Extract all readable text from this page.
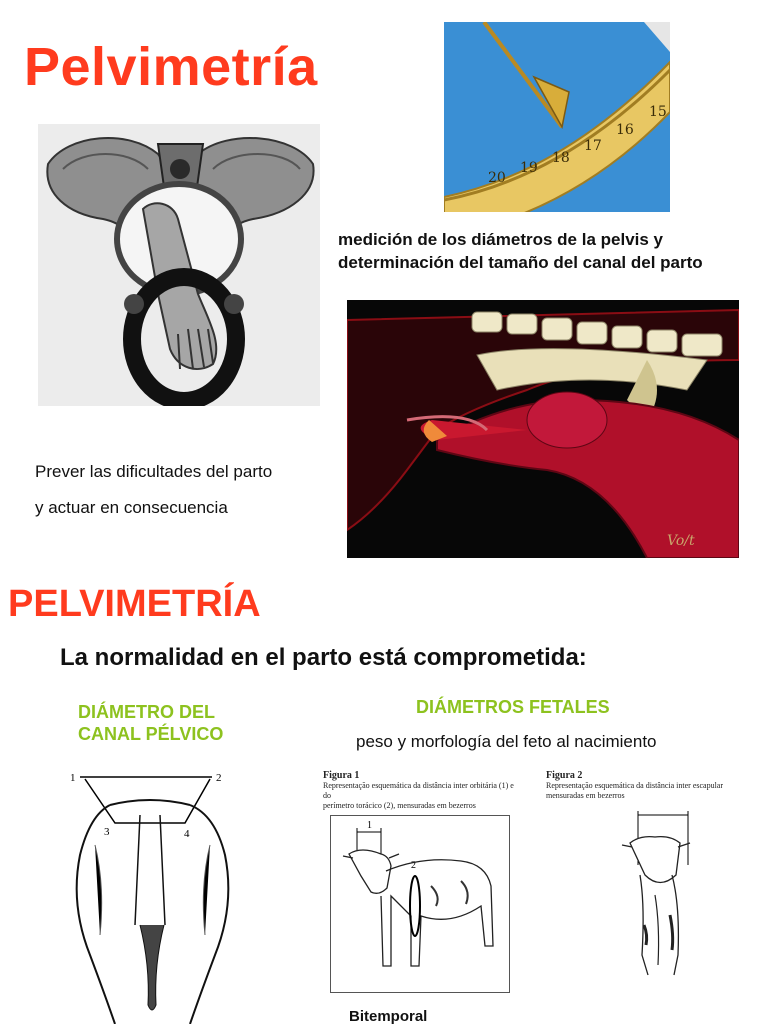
Pelvimetría
15
16
17
18
19
20
medición de los diámetros de la pelvis y
determinación del tamaño del canal del parto
Vo/t
Prever las dificultades del parto
y actuar en consecuencia
PELVIMETRÍA
La normalidad en el parto está comprometida:
DIÁMETRO DEL
CANAL PÉLVICO
DIÁMETROS FETALES
peso y morfología del feto al nacimiento
1	2
3	4
Figura 1
Representação esquemática da distância inter orbitária (1) e do
perímetro torácico (2), mensuradas em bezerros
1
2
Figura 2
Representação esquemática da distância inter escapular
mensuradas em bezerros
Bitemporal
